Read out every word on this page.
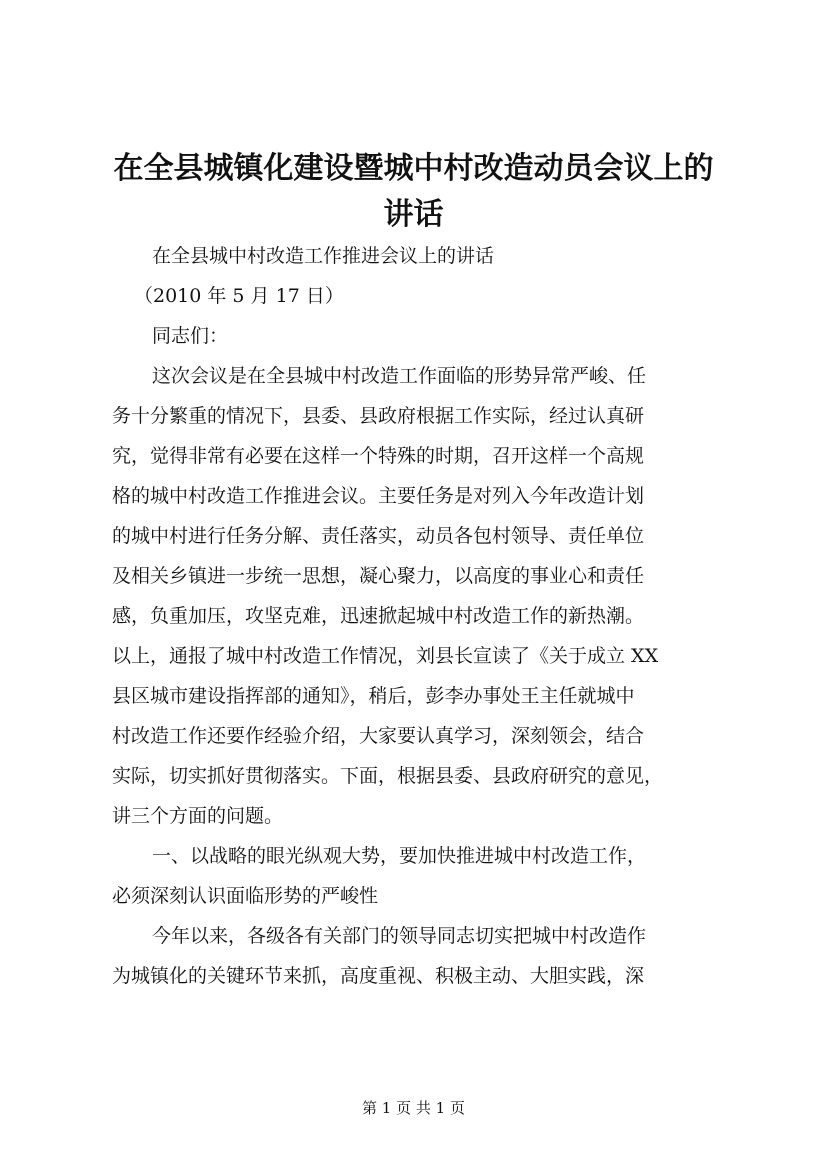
在全县城镇化建设暨城中村改造动员会议上的
讲话
在全县城中村改造工作推进会议上的讲话
（2010 年 5 月 17 日）
同志们：
这次会议是在全县城中村改造工作面临的形势异常严峻、任
务十分繁重的情况下，县委、县政府根据工作实际，经过认真研
究，觉得非常有必要在这样一个特殊的时期，召开这样一个高规
格的城中村改造工作推进会议。主要任务是对列入今年改造计划
的城中村进行任务分解、责任落实，动员各包村领导、责任单位
及相关乡镇进一步统一思想，凝心聚力，以高度的事业心和责任
感，负重加压，攻坚克难，迅速掀起城中村改造工作的新热潮。
以上，通报了城中村改造工作情况，刘县长宣读了《关于成立 XX
县区城市建设指挥部的通知》，稍后，彭李办事处王主任就城中
村改造工作还要作经验介绍，大家要认真学习，深刻领会，结合
实际，切实抓好贯彻落实。下面，根据县委、县政府研究的意见，
讲三个方面的问题。
一、以战略的眼光纵观大势，要加快推进城中村改造工作，
必须深刻认识面临形势的严峻性
今年以来，各级各有关部门的领导同志切实把城中村改造作
为城镇化的关键环节来抓，高度重视、积极主动、大胆实践，深
第 1 页 共 1 页
